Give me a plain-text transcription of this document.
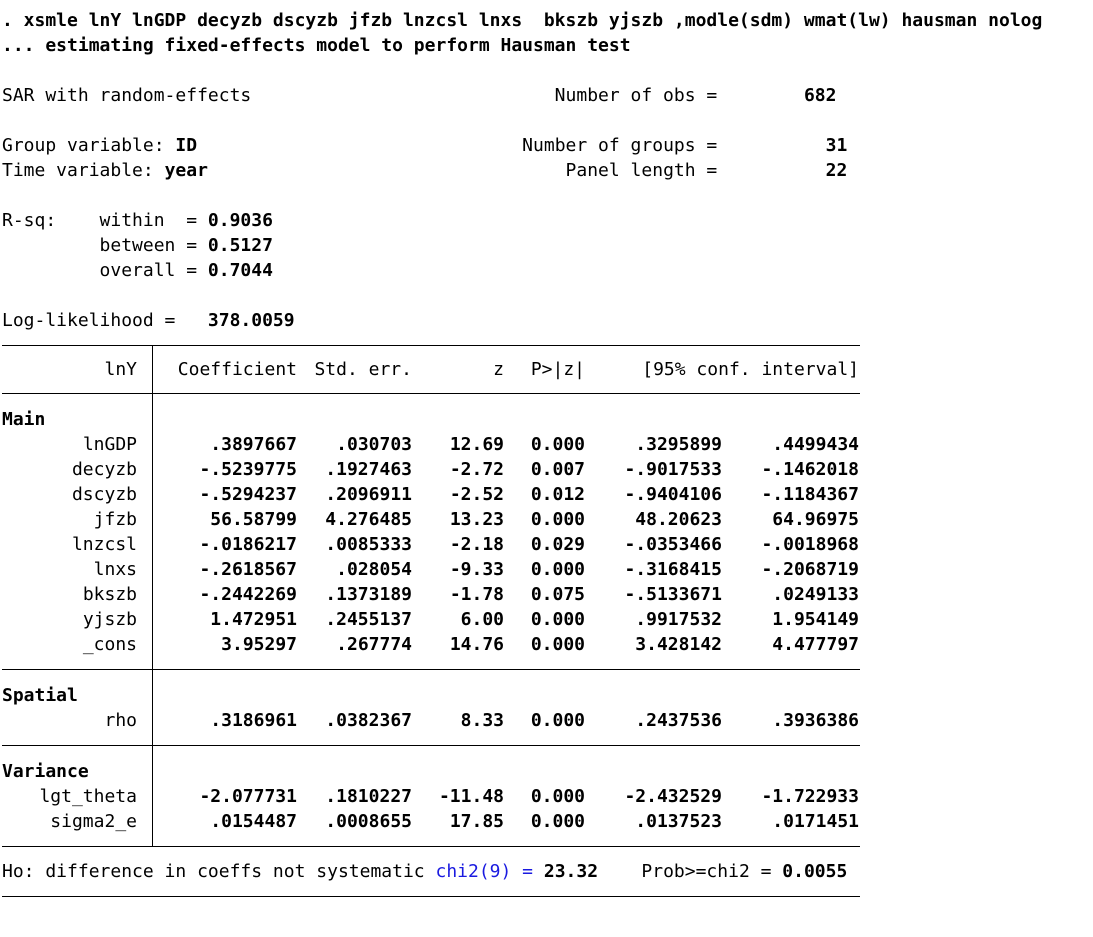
. xsmle lnY lnGDP decyzb dscyzb jfzb lnzcsl lnxs  bkszb yjszb ,modle(sdm) wmat(lw) hausman nolog
... estimating fixed-effects model to perform Hausman test
SAR with random-effects                            Number of obs =        682
Group variable: ID                              Number of groups =          31
Time variable: year                                 Panel length =          22
R-sq:    within  = 0.9036
between = 0.5127
overall = 0.7044
Log-likelihood =   378.0059
lnY	Coefficient Std. err.	z	P>|z|	[95% conf. interval]
Main
lnGDP	.3897667	.030703	12.69	0.000	.3295899	.4499434
decyzb	-.5239775	.1927463	-2.72	0.007	-.9017533	-.1462018
dscyzb	-.5294237	.2096911	-2.52	0.012	-.9404106	-.1184367
jfzb	56.58799	4.276485	13.23	0.000	48.20623	64.96975
lnzcsl	-.0186217	.0085333	-2.18	0.029	-.0353466	-.0018968
lnxs	-.2618567	.028054	-9.33	0.000	-.3168415	-.2068719
bkszb	-.2442269	.1373189	-1.78	0.075	-.5133671	.0249133
yjszb	1.472951	.2455137	6.00	0.000	.9917532	1.954149
_cons	3.95297	.267774	14.76	0.000	3.428142	4.477797
Spatial
rho	.3186961	.0382367	8.33	0.000	.2437536	.3936386
Variance
lgt_theta	-2.077731	.1810227	-11.48	0.000	-2.432529	-1.722933
sigma2_e	.0154487	.0008655	17.85	0.000	.0137523	.0171451
Ho: difference in coeffs not systematic chi2(9) = 23.32    Prob>=chi2 = 0.0055
